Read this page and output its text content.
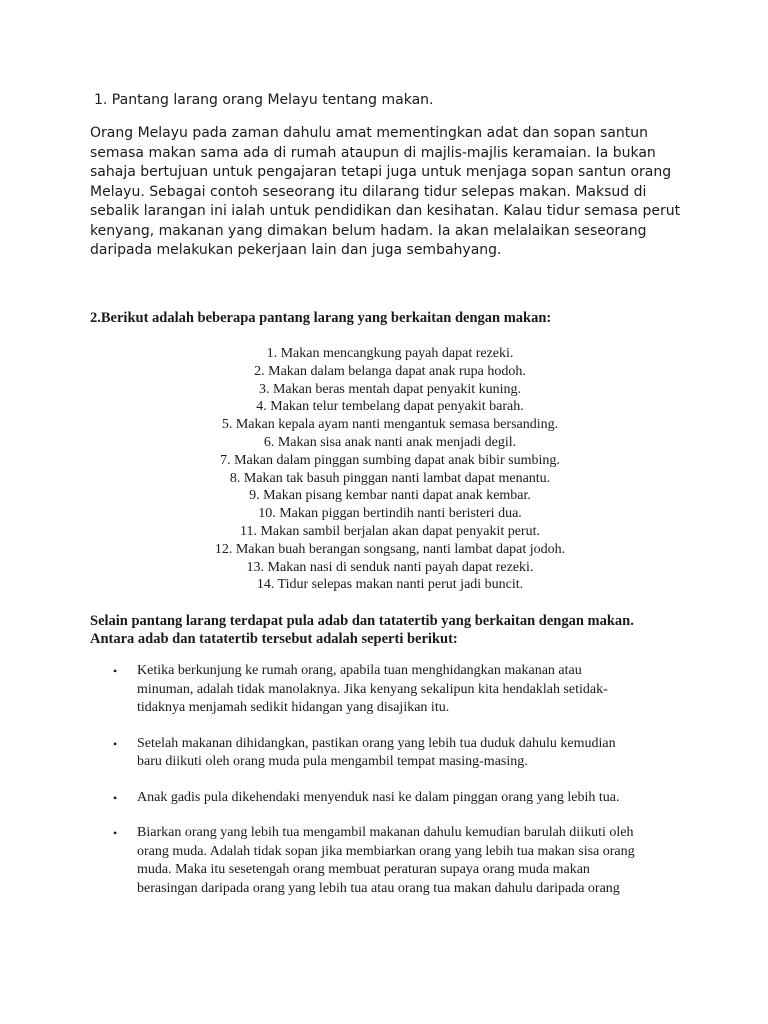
1. Pantang larang orang Melayu tentang makan.
Orang Melayu pada zaman dahulu amat mementingkan adat dan sopan santun
semasa makan sama ada di rumah ataupun di majlis-majlis keramaian. Ia bukan
sahaja bertujuan untuk pengajaran tetapi juga untuk menjaga sopan santun orang
Melayu. Sebagai contoh seseorang itu dilarang tidur selepas makan. Maksud di
sebalik larangan ini ialah untuk pendidikan dan kesihatan. Kalau tidur semasa perut
kenyang, makanan yang dimakan belum hadam. Ia akan melalaikan seseorang
daripada melakukan pekerjaan lain dan juga sembahyang.
2.Berikut adalah beberapa pantang larang yang berkaitan dengan makan:
1. Makan mencangkung payah dapat rezeki.
2. Makan dalam belanga dapat anak rupa hodoh.
3. Makan beras mentah dapat penyakit kuning.
4. Makan telur tembelang dapat penyakit barah.
5. Makan kepala ayam nanti mengantuk semasa bersanding.
6. Makan sisa anak nanti anak menjadi degil.
7. Makan dalam pinggan sumbing dapat anak bibir sumbing.
8. Makan tak basuh pinggan nanti lambat dapat menantu.
9. Makan pisang kembar nanti dapat anak kembar.
10. Makan piggan bertindih nanti beristeri dua.
11. Makan sambil berjalan akan dapat penyakit perut.
12. Makan buah berangan songsang, nanti lambat dapat jodoh.
13. Makan nasi di senduk nanti payah dapat rezeki.
14. Tidur selepas makan nanti perut jadi buncit.
Selain pantang larang terdapat pula adab dan tatatertib yang berkaitan dengan makan.
Antara adab dan tatatertib tersebut adalah seperti berikut:
• Ketika berkunjung ke rumah orang, apabila tuan menghidangkan makanan atau
minuman, adalah tidak manolaknya. Jika kenyang sekalipun kita hendaklah setidak-
tidaknya menjamah sedikit hidangan yang disajikan itu.
• Setelah makanan dihidangkan, pastikan orang yang lebih tua duduk dahulu kemudian
baru diikuti oleh orang muda pula mengambil tempat masing-masing.
• Anak gadis pula dikehendaki menyenduk nasi ke dalam pinggan orang yang lebih tua.
• Biarkan orang yang lebih tua mengambil makanan dahulu kemudian barulah diikuti oleh
orang muda. Adalah tidak sopan jika membiarkan orang yang lebih tua makan sisa orang
muda. Maka itu sesetengah orang membuat peraturan supaya orang muda makan
berasingan daripada orang yang lebih tua atau orang tua makan dahulu daripada orang
